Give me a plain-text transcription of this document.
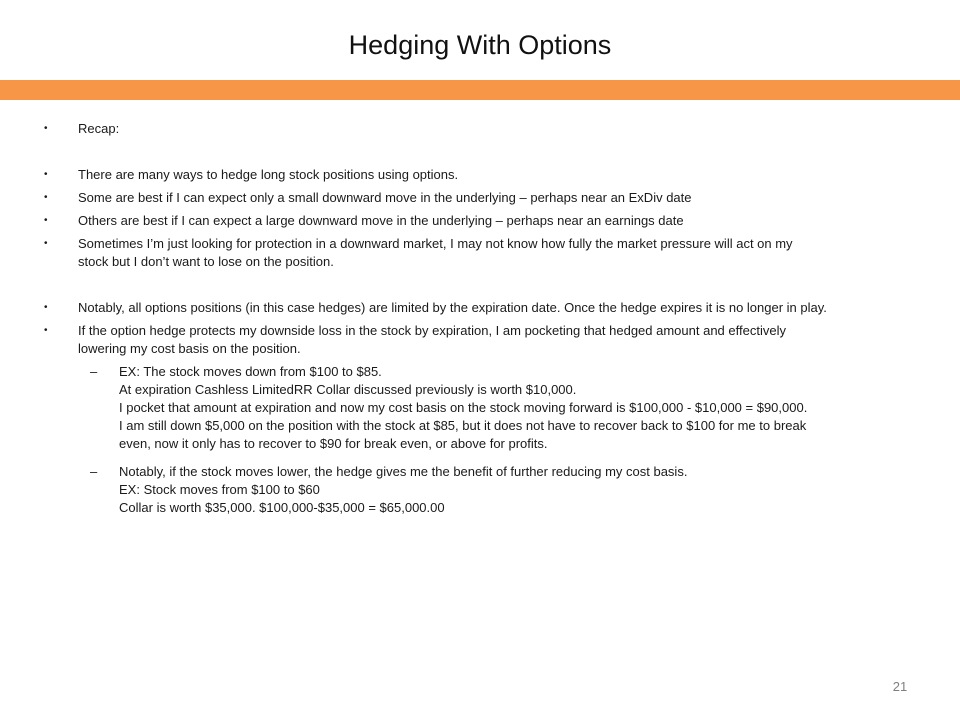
Hedging With Options
•	Recap:
•	There are many ways to hedge long stock positions using options.
•	Some are best if I can expect only a small downward move in the underlying – perhaps near an ExDiv date
•	Others are best if I can expect a large downward move in the underlying – perhaps near an earnings date
•	Sometimes I’m just looking for protection in a downward market, I may not know how fully the market pressure will act on my
stock but I don’t want to lose on the position.
•	Notably, all options positions (in this case hedges) are limited by the expiration date. Once the hedge expires it is no longer in play.
•	If the option hedge protects my downside loss in the stock by expiration, I am pocketing that hedged amount and effectively
lowering my cost basis on the position.
– EX: The stock moves down from $100 to $85.
At expiration Cashless LimitedRR Collar discussed previously is worth $10,000.
I pocket that amount at expiration and now my cost basis on the stock moving forward is $100,000 - $10,000 = $90,000.
I am still down $5,000 on the position with the stock at $85, but it does not have to recover back to $100 for me to break
even, now it only has to recover to $90 for break even, or above for profits.
– Notably, if the stock moves lower, the hedge gives me the benefit of further reducing my cost basis.
EX: Stock moves from $100 to $60
Collar is worth $35,000. $100,000-$35,000 = $65,000.00
21
